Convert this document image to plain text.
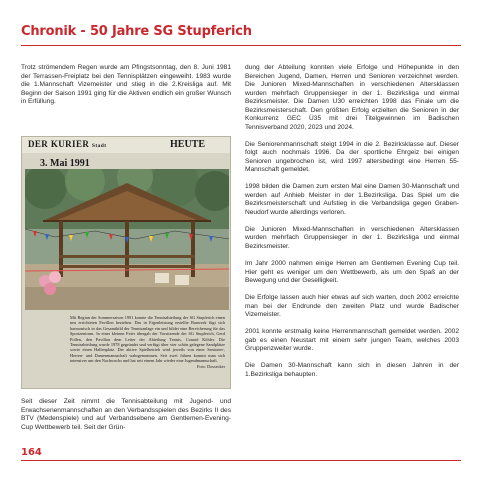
Chronik - 50 Jahre SG Stupferich

Trotz strömendem Regen wurde am Pfingstsonntag, den 8. Juni 1981 der Terrassen-Freiplatz bei den Tennisplätzen eingeweiht. 1983 wurde die 1.Mannschaft Vizemeister und stieg in die 2.Kreisliga auf. Mit Beginn der Saison 1991 ging für die Aktiven endlich ein großer Wunsch in Erfüllung.

DER KURIER Stadt	HEUTE
3. Mai 1991
Mit Beginn der Sommersaison 1991 konnte die Tennisabteilung der SG Stupferich einen neu errichteten Pavillon beziehen. Das in Eigenleistung erstellte Bauwerk fügt sich harmonisch in das Gesamtbild der Tennisanlage ein und bildet eine Bereicherung für das Sportzentrum. In einer kleinen Feier übergab der Vorsitzende der SG Stupferich, Gerd Pollen, den Pavillon dem Leiter der Abteilung Tennis, Conrad Köhler. Die Tennisabteilung wurde 1978 gegründet und verfügt über vier schön gelegene Sandplätze sowie einen Hallenplatz. Der aktive Spielbetrieb wird jeweils von einer Senioren-, Herren- und Damenmannschaft wahrgenommen. Seit zwei Jahren kommt man sich intensiver um den Nachwuchs und hat seit einem Jahr wieder eine Jugendmannschaft.
Foto: Dossecker

Seit dieser Zeit nimmt die Tennisabteilung mit Jugend- und Erwachsenenmannschaften an den Verbandsspielen des Bezirks II des BTV (Medenspiele) und auf Verbandsebene am Gentlemen-Evening-Cup Wettbewerb teil. Seit der Grün-

dung der Abteilung konnten viele Erfolge und Höhepunkte in den Bereichen Jugend, Damen, Herren und Senioren verzeichnet werden. Die Junioren Mixed-Mannschaften in verschiedenen Altersklassen wurden mehrfach Gruppensieger in der 1. Bezirksliga und einmal Bezirksmeister. Die Damen U30 erreichten 1998 das Finale um die Bezirksmeisterschaft. Den größten Erfolg erzielten die Senioren in der Konkurrenz GEC Ü35 mit drei Titelgewinnen im Badischen Tennisverband 2020, 2023 und 2024.

Die Seniorenmannschaft steigt 1994 in die 2. Bezirksklasse auf. Dieser folgt auch nochmals 1996. Da der sportliche Ehrgeiz bei einigen Senioren ungebrochen ist, wird 1997 altersbedingt eine Herren 55-Mannschaft gemeldet.

1998 bilden die Damen zum ersten Mal eine Damen 30-Mannschaft und werden auf Anhieb Meister in der 1.Bezirksliga. Das Spiel um die Bezirksmeisterschaft und Aufstieg in die Verbandsliga gegen Graben-Neudorf wurde allerdings verloren.

Die Junioren Mixed-Mannschaften in verschiedenen Altersklassen wurden mehrfach Gruppensieger in der 1. Bezirksliga und einmal Bezirksmeister.

Im Jahr 2000 nahmen einige Herren am Gentlemen Evening Cup teil. Hier geht es weniger um den Wettbewerb, als um den Spaß an der Bewegung und der Geselligkeit.

Die Erfolge lassen auch hier etwas auf sich warten, doch 2002 erreichte man bei der Endrunde den zweiten Platz und wurde Badischer Vizemeister.

2001 konnte erstmalig keine Herrenmannschaft gemeldet werden. 2002 gab es einen Neustart mit einem sehr jungen Team, welches 2003 Gruppenzweiter wurde.

Die Damen 30-Mannschaft kann sich in diesen Jahren in der 1.Bezirksliga behaupten.

164
